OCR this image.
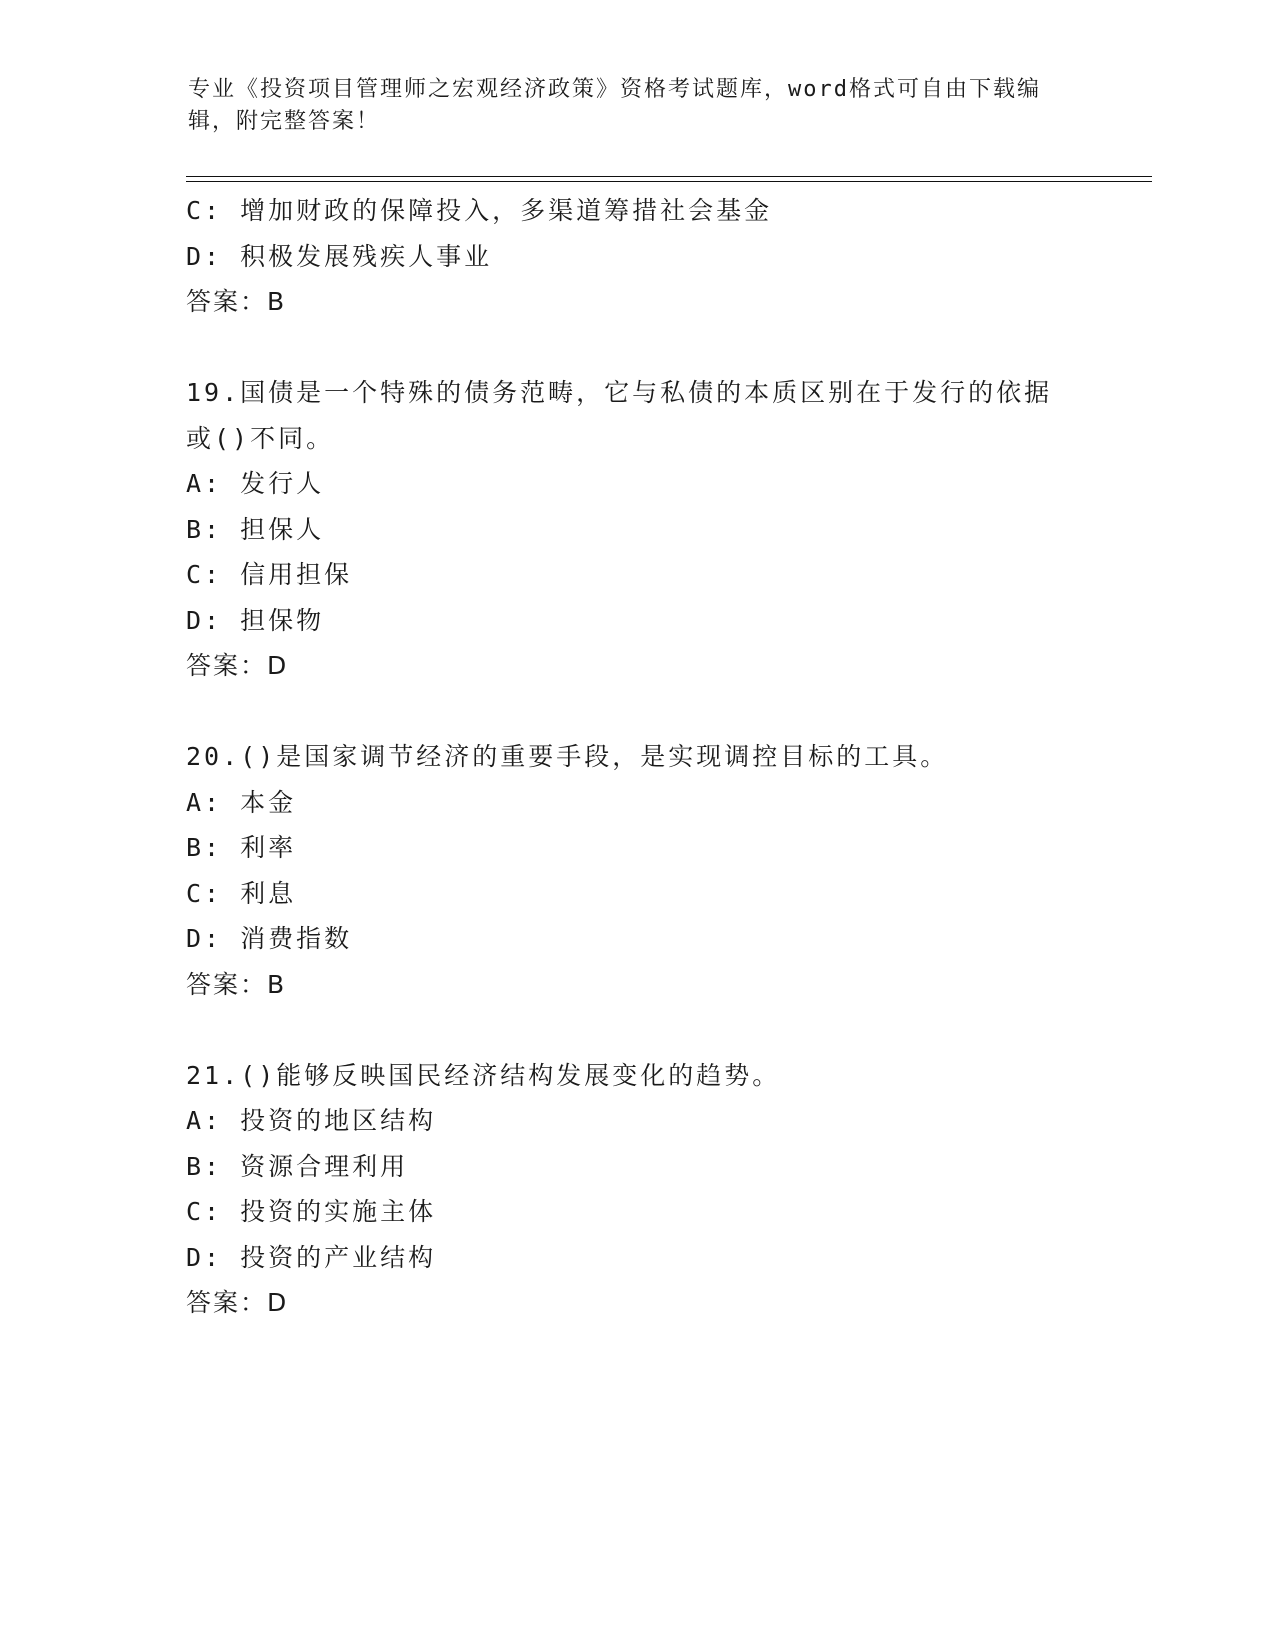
专业《投资项目管理师之宏观经济政策》资格考试题库，word格式可自由下载编
辑，附完整答案！
C: 增加财政的保障投入，多渠道筹措社会基金
D: 积极发展残疾人事业
答案：B
19.国债是一个特殊的债务范畴，它与私债的本质区别在于发行的依据
或()不同。
A: 发行人
B: 担保人
C: 信用担保
D: 担保物
答案：D
20.()是国家调节经济的重要手段，是实现调控目标的工具。
A: 本金
B: 利率
C: 利息
D: 消费指数
答案：B
21.()能够反映国民经济结构发展变化的趋势。
A: 投资的地区结构
B: 资源合理利用
C: 投资的实施主体
D: 投资的产业结构
答案：D
